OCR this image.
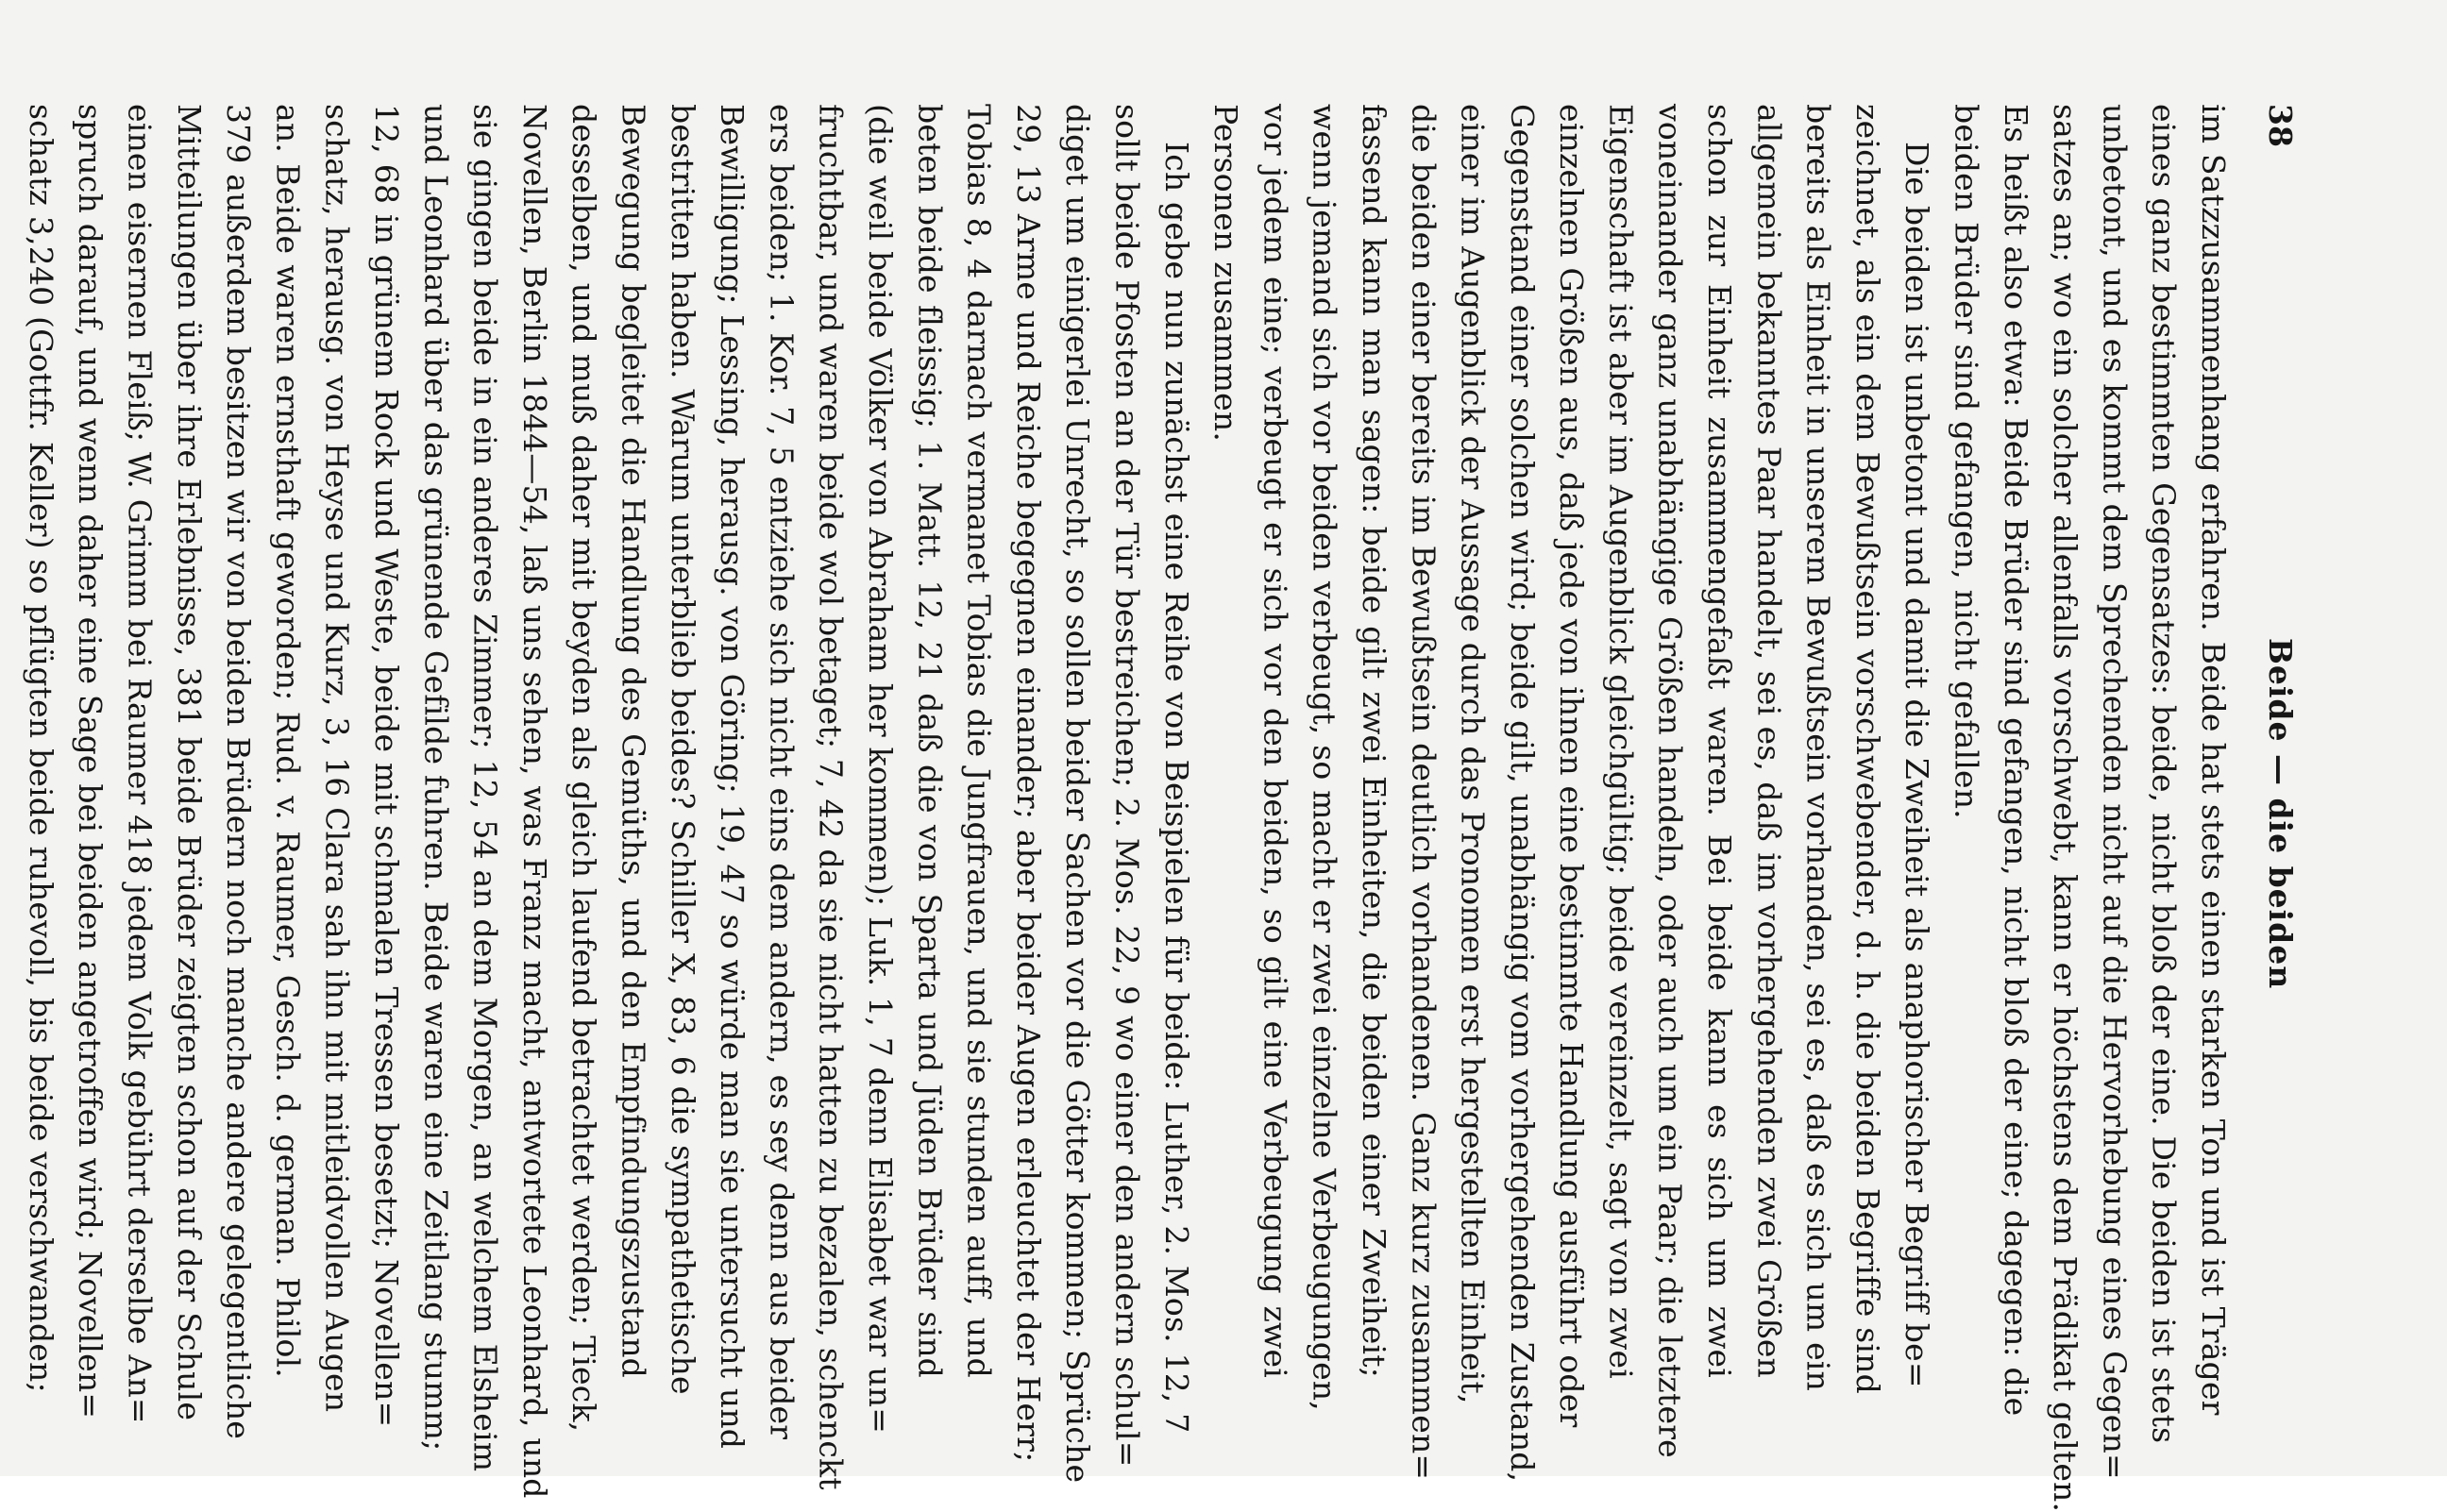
38
Beide — die beiden
im Satzzusammenhang erfahren. Beide hat stets einen starken Ton und ist Träger
eines ganz bestimmten Gegensatzes: beide, nicht bloß der eine. Die beiden ist stets
unbetont, und es kommt dem Sprechenden nicht auf die Hervorhebung eines Gegen=
satzes an; wo ein solcher allenfalls vorschwebt, kann er höchstens dem Prädikat gelten.
Es heißt also etwa: Beide Brüder sind gefangen, nicht bloß der eine; dagegen: die
beiden Brüder sind gefangen, nicht gefallen.
Die beiden ist unbetont und damit die Zweiheit als anaphorischer Begriff be=
zeichnet, als ein dem Bewußtsein vorschwebender, d. h. die beiden Begriffe sind
bereits als Einheit in unserem Bewußtsein vorhanden, sei es, daß es sich um ein
allgemein bekanntes Paar handelt, sei es, daß im vorhergehenden zwei Größen
schon zur Einheit zusammengefaßt waren. Bei beide kann es sich um zwei
voneinander ganz unabhängige Größen handeln, oder auch um ein Paar; die letztere
Eigenschaft ist aber im Augenblick gleichgültig; beide vereinzelt, sagt von zwei
einzelnen Größen aus, daß jede von ihnen eine bestimmte Handlung ausführt oder
Gegenstand einer solchen wird; beide gilt, unabhängig vom vorhergehenden Zustand,
einer im Augenblick der Aussage durch das Pronomen erst hergestellten Einheit,
die beiden einer bereits im Bewußtsein deutlich vorhandenen. Ganz kurz zusammen=
fassend kann man sagen: beide gilt zwei Einheiten, die beiden einer Zweiheit;
wenn jemand sich vor beiden verbeugt, so macht er zwei einzelne Verbeugungen,
vor jedem eine; verbeugt er sich vor den beiden, so gilt eine Verbeugung zwei
Personen zusammen.
Ich gebe nun zunächst eine Reihe von Beispielen für beide: Luther, 2. Mos. 12, 7
sollt beide Pfosten an der Tür bestreichen; 2. Mos. 22, 9 wo einer den andern schul=
diget um einigerlei Unrecht, so sollen beider Sachen vor die Götter kommen; Sprüche
29, 13 Arme und Reiche begegnen einander; aber beider Augen erleuchtet der Herr;
Tobias 8, 4 darnach vermanet Tobias die Jungfrauen, und sie stunden auff, und
beten beide fleissig; 1. Matt. 12, 21 daß die von Sparta und Jüden Brüder sind
(die weil beide Völker von Abraham her kommen); Luk. 1, 7 denn Elisabet war un=
fruchtbar, und waren beide wol betaget; 7, 42 da sie nicht hatten zu bezalen, schenckt
ers beiden; 1. Kor. 7, 5 entziehe sich nicht eins dem andern, es sey denn aus beider
Bewilligung; Lessing, herausg. von Göring; 19, 47 so würde man sie untersucht und
bestritten haben. Warum unterblieb beides? Schiller X, 83, 6 die sympathetische
Bewegung begleitet die Handlung des Gemüths, und den Empfindungszustand
desselben, und muß daher mit beyden als gleich laufend betrachtet werden; Tieck,
Novellen, Berlin 1844—54, laß uns sehen, was Franz macht, antwortete Leonhard, und
sie gingen beide in ein anderes Zimmer; 12, 54 an dem Morgen, an welchem Elsheim
und Leonhard über das grünende Gefilde fuhren. Beide waren eine Zeitlang stumm;
12, 68 in grünem Rock und Weste, beide mit schmalen Tressen besetzt; Novellen=
schatz, herausg. von Heyse und Kurz, 3, 16 Clara sah ihn mit mitleidvollen Augen
an. Beide waren ernsthaft geworden; Rud. v. Raumer, Gesch. d. german. Philol.
379 außerdem besitzen wir von beiden Brüdern noch manche andere gelegentliche
Mitteilungen über ihre Erlebnisse, 381 beide Brüder zeigten schon auf der Schule
einen eisernen Fleiß; W. Grimm bei Raumer 418 jedem Volk gebührt derselbe An=
spruch darauf, und wenn daher eine Sage bei beiden angetroffen wird; Novellen=
schatz 3,240 (Gottfr. Keller) so pflügten beide ruhevoll, bis beide verschwanden;
